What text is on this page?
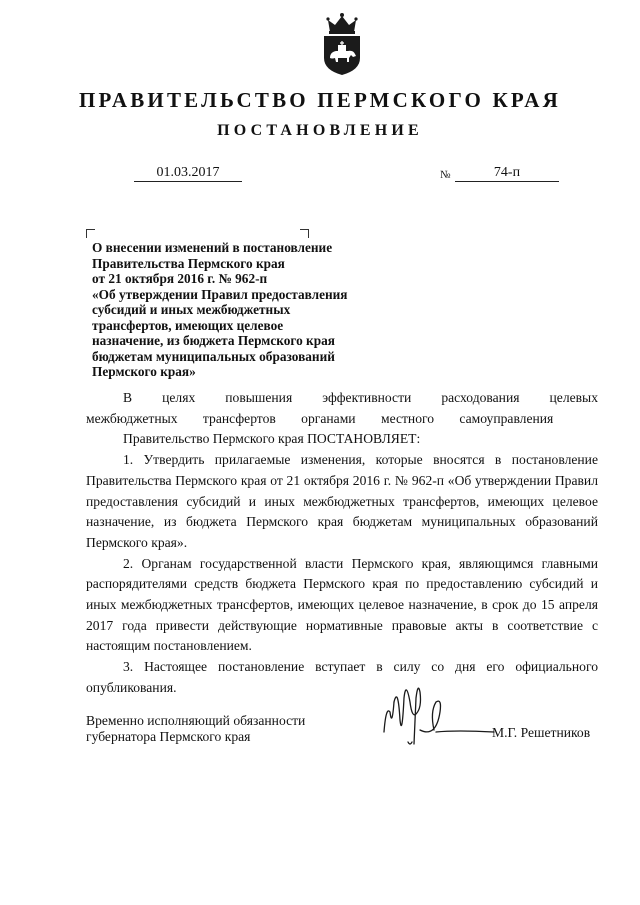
ПРАВИТЕЛЬСТВО ПЕРМСКОГО КРАЯ
ПОСТАНОВЛЕНИЕ
01.03.2017	№	74-п

О внесении изменений в постановление
Правительства Пермского края
от 21 октября 2016 г. № 962-п
«Об утверждении Правил предоставления
субсидий и иных межбюджетных
трансфертов, имеющих целевое
назначение, из бюджета Пермского края
бюджетам муниципальных образований
Пермского края»

В целях повышения эффективности расходования целевых межбюджетных трансфертов органами местного самоуправления

Правительство Пермского края ПОСТАНОВЛЯЕТ:

1. Утвердить прилагаемые изменения, которые вносятся в постановление Правительства Пермского края от 21 октября 2016 г. № 962-п «Об утверждении Правил предоставления субсидий и иных межбюджетных трансфертов, имеющих целевое назначение, из бюджета Пермского края бюджетам муниципальных образований Пермского края».

2. Органам государственной власти Пермского края, являющимся главными распорядителями средств бюджета Пермского края по предоставлению субсидий и иных межбюджетных трансфертов, имеющих целевое назначение, в срок до 15 апреля 2017 года привести действующие нормативные правовые акты в соответствие с настоящим постановлением.

3. Настоящее постановление вступает в силу со дня его официального опубликования.

Временно исполняющий обязанности
губернатора Пермского края	М.Г. Решетников
